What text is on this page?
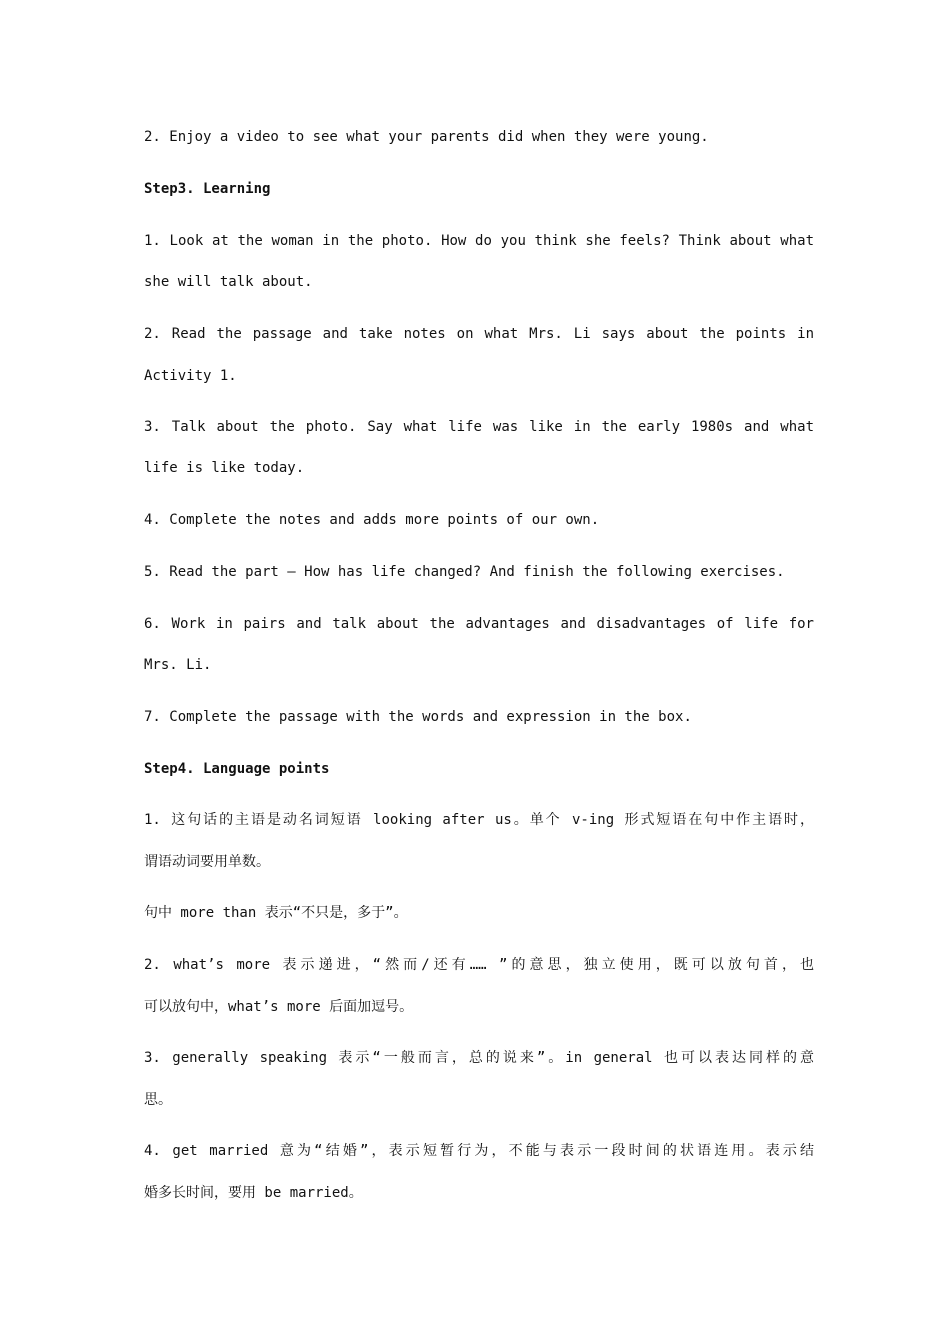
2. Enjoy a video to see what your parents did when they were young.
Step3. Learning
1. Look at the woman in the photo. How do you think she feels? Think about what
she will talk about.
2. Read the passage and take notes on what Mrs. Li says about the points in
Activity 1.
3. Talk about the photo. Say what life was like in the early 1980s and what
life is like today.
4. Complete the notes and adds more points of our own.
5. Read the part – How has life changed? And finish the following exercises.
6. Work in pairs and talk about the advantages and disadvantages of life for
Mrs. Li.
7. Complete the passage with the words and expression in the box.
Step4. Language points
1. 这句话的主语是动名词短语 looking after us。单个 v-ing 形式短语在句中作主语时，
谓语动词要用单数。
句中 more than 表示“不只是，多于”。
2. what’s more 表示递进，“然而/还有…… ”的意思，独立使用，既可以放句首，也
可以放句中，what’s more 后面加逗号。
3. generally speaking 表示“一般而言，总的说来”。in general 也可以表达同样的意
思。
4. get married 意为“结婚”，表示短暂行为，不能与表示一段时间的状语连用。表示结
婚多长时间，要用 be married。
